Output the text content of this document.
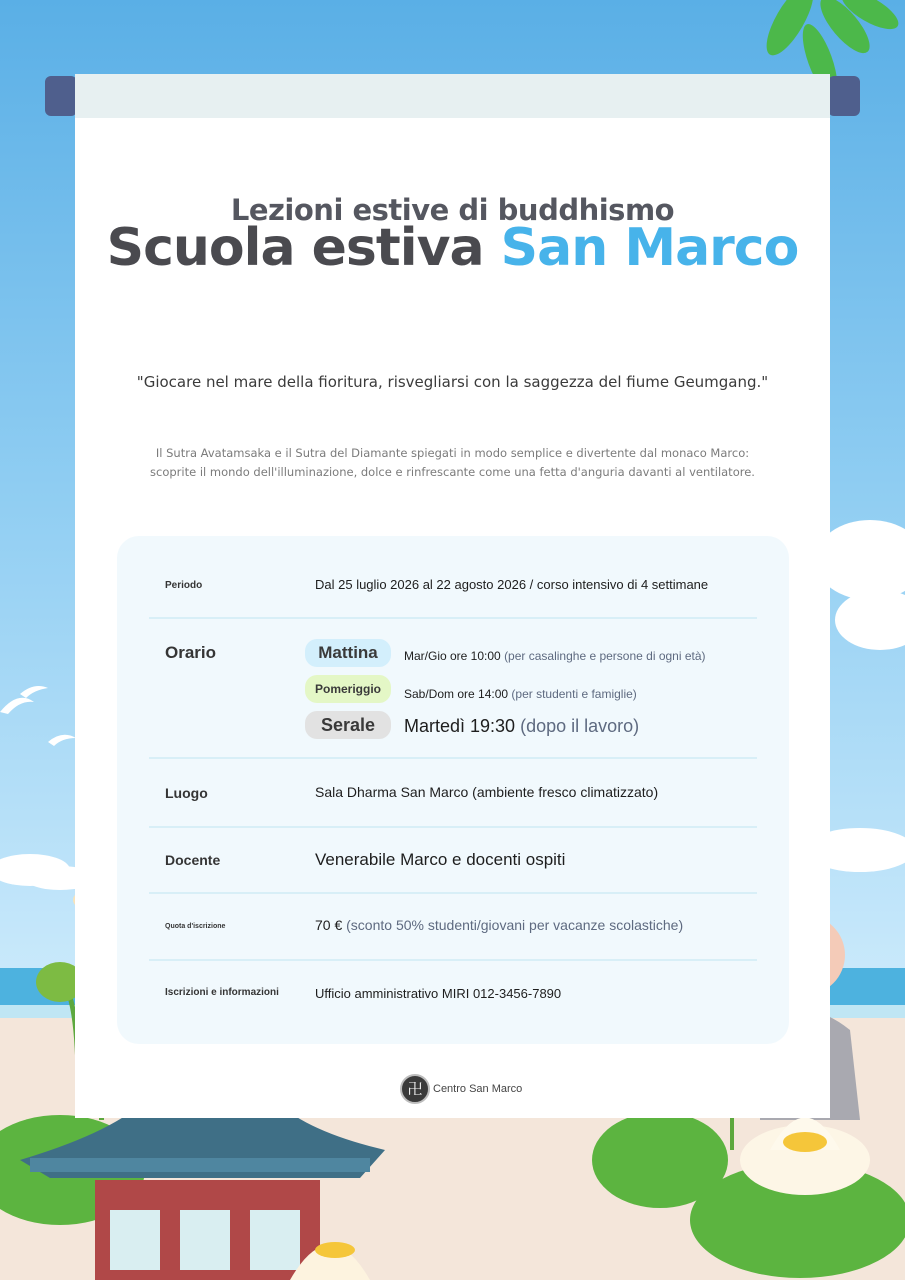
Lezioni estive di buddhismo
Scuola estiva San Marco
"Giocare nel mare della fioritura, risvegliarsi con la saggezza del fiume Geumgang."
Il Sutra Avatamsaka e il Sutra del Diamante spiegati in modo semplice e divertente dal monaco Marco:
scoprite il mondo dell'illuminazione, dolce e rinfrescante come una fetta d'anguria davanti al ventilatore.
Periodo	Dal 25 luglio 2026 al 22 agosto 2026 / corso intensivo di 4 settimane
Orario	Mattina	Mar/Gio ore 10:00 (per casalinghe e persone di ogni età)
Pomeriggio	Sab/Dom ore 14:00 (per studenti e famiglie)
Serale	Martedì 19:30 (dopo il lavoro)
Luogo	Sala Dharma San Marco (ambiente fresco climatizzato)
Docente	Venerabile Marco e docenti ospiti
Quota d'iscrizione	70 € (sconto 50% studenti/giovani per vacanze scolastiche)
Iscrizioni e informazioni	Ufficio amministrativo MIRI 012-3456-7890
卍 Centro San Marco
